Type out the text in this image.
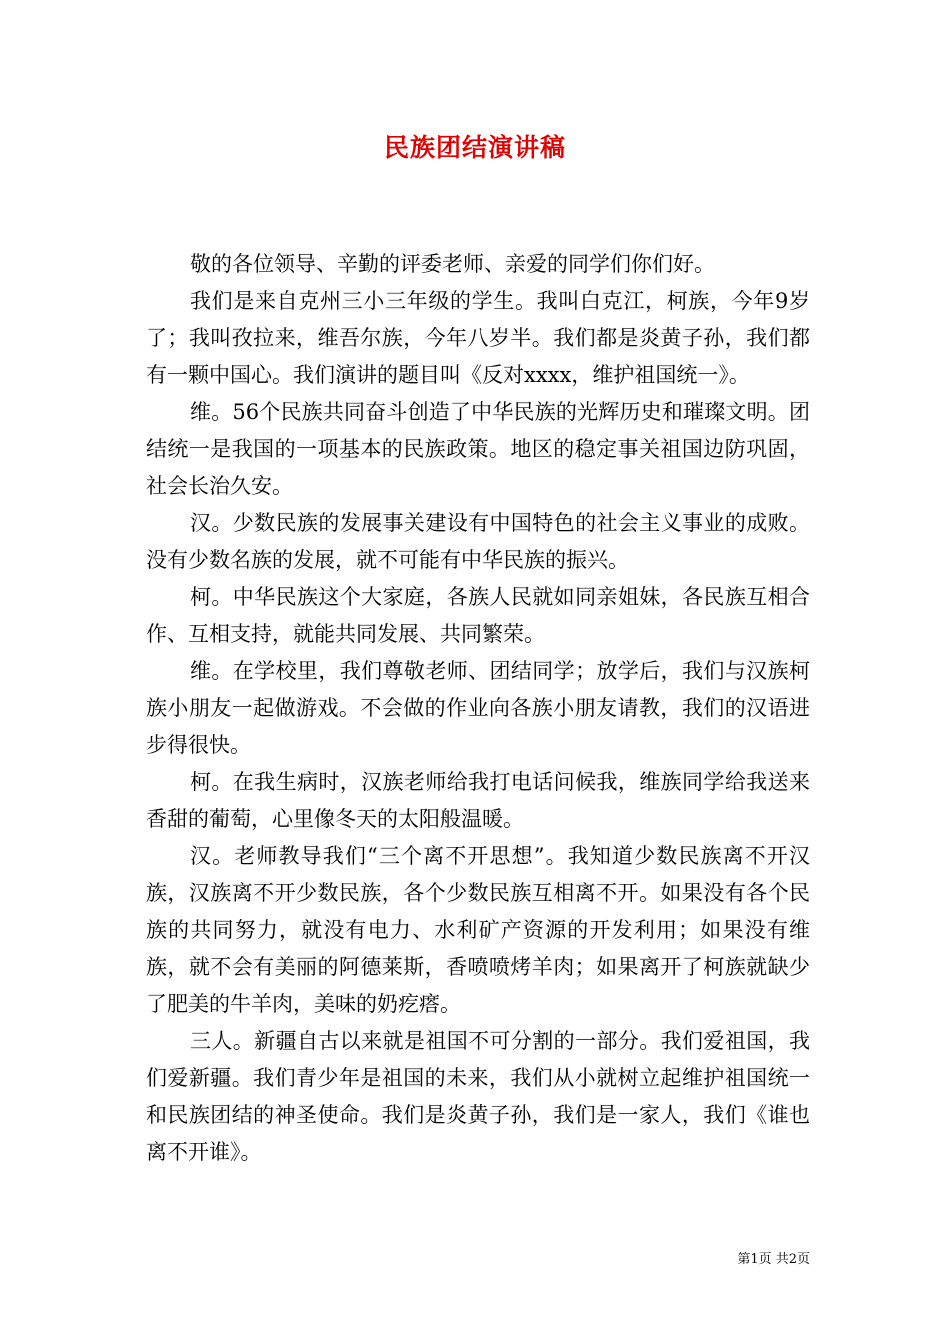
民族团结演讲稿

敬的各位领导、辛勤的评委老师、亲爱的同学们你们好。

我们是来自克州三小三年级的学生。我叫白克江，柯族，今年9岁了；我叫孜拉来，维吾尔族，今年八岁半。我们都是炎黄子孙，我们都有一颗中国心。我们演讲的题目叫《反对xxxx，维护祖国统一》。

维。56个民族共同奋斗创造了中华民族的光辉历史和璀璨文明。团结统一是我国的一项基本的民族政策。地区的稳定事关祖国边防巩固，社会长治久安。

汉。少数民族的发展事关建设有中国特色的社会主义事业的成败。没有少数名族的发展，就不可能有中华民族的振兴。

柯。中华民族这个大家庭，各族人民就如同亲姐妹，各民族互相合作、互相支持，就能共同发展、共同繁荣。

维。在学校里，我们尊敬老师、团结同学；放学后，我们与汉族柯族小朋友一起做游戏。不会做的作业向各族小朋友请教，我们的汉语进步得很快。

柯。在我生病时，汉族老师给我打电话问候我，维族同学给我送来香甜的葡萄，心里像冬天的太阳般温暖。

汉。老师教导我们“三个离不开思想”。我知道少数民族离不开汉族，汉族离不开少数民族，各个少数民族互相离不开。如果没有各个民族的共同努力，就没有电力、水利矿产资源的开发利用；如果没有维族，就不会有美丽的阿德莱斯，香喷喷烤羊肉；如果离开了柯族就缺少了肥美的牛羊肉，美味的奶疙瘩。

三人。新疆自古以来就是祖国不可分割的一部分。我们爱祖国，我们爱新疆。我们青少年是祖国的未来，我们从小就树立起维护祖国统一和民族团结的神圣使命。我们是炎黄子孙，我们是一家人，我们《谁也离不开谁》。

第1页 共2页
